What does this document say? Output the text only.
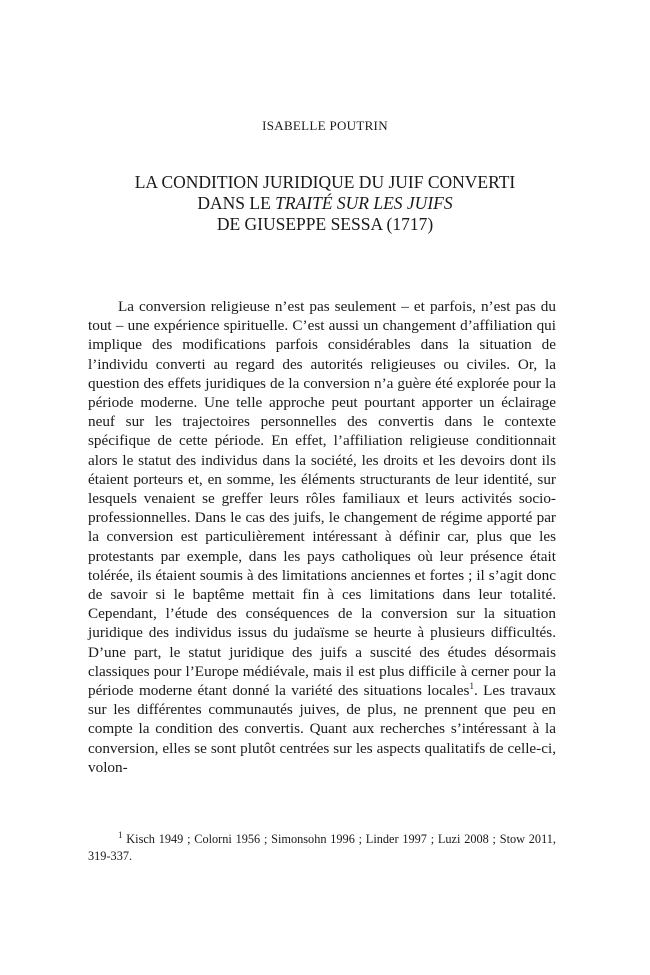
ISABELLE POUTRIN
LA CONDITION JURIDIQUE DU JUIF CONVERTI
DANS LE TRAITÉ SUR LES JUIFS
DE GIUSEPPE SESSA (1717)
La conversion religieuse n’est pas seulement – et parfois, n’est pas du tout – une expérience spirituelle. C’est aussi un changement d’affiliation qui implique des modifications parfois considérables dans la situation de l’individu converti au regard des autorités religieuses ou civiles. Or, la question des effets juridiques de la conversion n’a guère été explorée pour la période moderne. Une telle approche peut pourtant apporter un éclairage neuf sur les trajectoires personnelles des convertis dans le contexte spécifique de cette période. En effet, l’affiliation religieuse conditionnait alors le statut des individus dans la société, les droits et les devoirs dont ils étaient porteurs et, en somme, les éléments structurants de leur identité, sur lesquels venaient se greffer leurs rôles familiaux et leurs activités socio-professionnelles. Dans le cas des juifs, le changement de régime apporté par la conversion est particulièrement intéressant à définir car, plus que les protestants par exemple, dans les pays catholiques où leur présence était tolérée, ils étaient soumis à des limitations anciennes et fortes ; il s’agit donc de savoir si le baptême mettait fin à ces limitations dans leur totalité. Cependant, l’étude des conséquences de la conversion sur la situation juridique des individus issus du judaïsme se heurte à plusieurs difficultés. D’une part, le statut juridique des juifs a suscité des études désormais classiques pour l’Europe médiévale, mais il est plus difficile à cerner pour la période moderne étant donné la variété des situations locales$^1$. Les travaux sur les différentes communautés juives, de plus, ne prennent que peu en compte la condition des convertis. Quant aux recherches s’intéressant à la conversion, elles se sont plutôt centrées sur les aspects qualitatifs de celle-ci, volon-
$^1$ Kisch 1949 ; Colorni 1956 ; Simonsohn 1996 ; Linder 1997 ; Luzi 2008 ; Stow 2011, 319-337.
